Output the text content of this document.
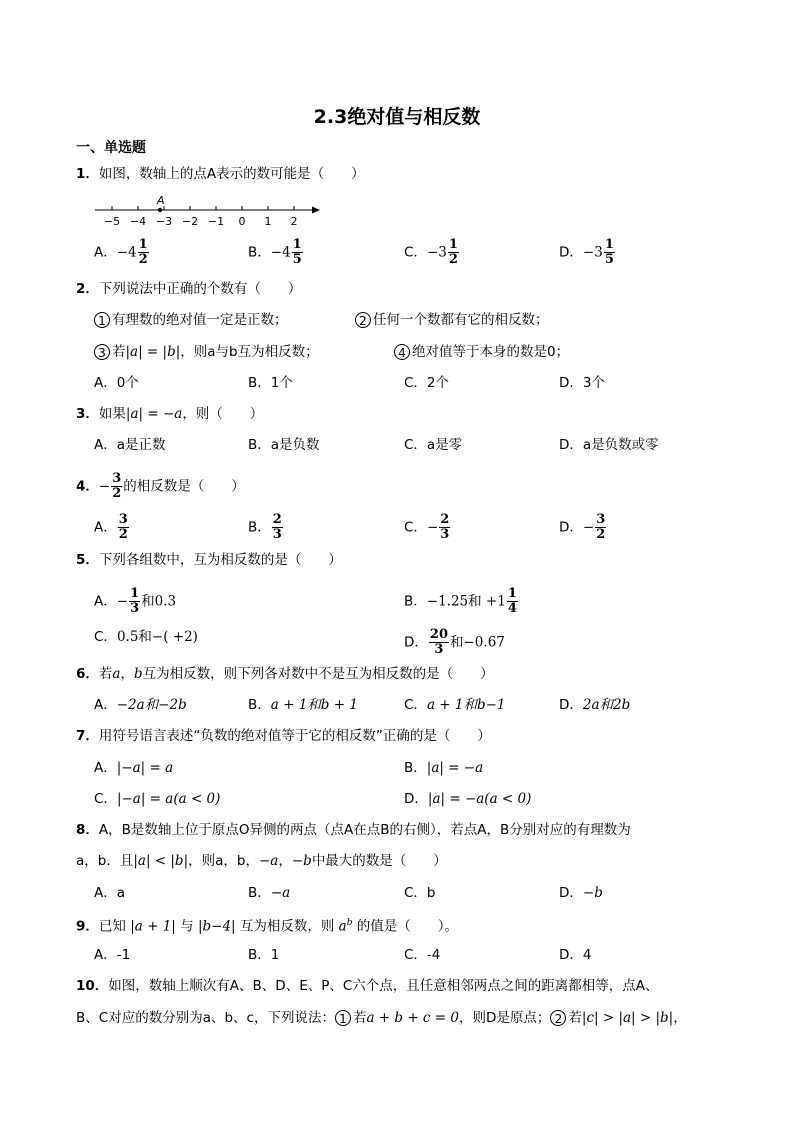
2.3绝对值与相反数
一、单选题
1．如图，数轴上的点A表示的数可能是（　　）
−5 −4 −3 −2 −1 0 1 2
A
A．$-4 \frac{1}{2}$	B．$-4 \frac{1}{5}$	C．$-3 \frac{1}{2}$	D．$-3 \frac{1}{5}$
2．下列说法中正确的个数有（　　）
1 有理数的绝对值一定是正数；	2 任何一个数都有它的相反数；
3 若|a| = |b|，则a与b互为相反数；	4 绝对值等于本身的数是0；
A．0个	B．1个	C．2个	D．3个
3．如果|a| = −a，则（　　）
A．a是正数	B．a是负数	C．a是零	D．a是负数或零
4．− $\frac{3}{2}$ 的相反数是（　　）
A． $\frac{3}{2}$	B． $\frac{2}{3}$	C．− $\frac{2}{3}$	D．− $\frac{3}{2}$
5．下列各组数中，互为相反数的是（　　）
A．− $\frac{1}{3}$ 和0.3	B．−1.25和 $+1 \frac{1}{4}$
C．0.5和−( +2)	D． $\frac{20}{3}$ 和−0.67
6．若a，b互为相反数，则下列各对数中不是互为相反数的是（　　）
A．−2a和−2b	B．a + 1和b + 1	C．a + 1和b−1	D．2a和2b
7．用符号语言表述“负数的绝对值等于它的相反数”正确的是（　　）
A．|−a| = a	B．|a| = −a
C．|−a| = a(a < 0)	D．|a| = −a(a < 0)
8．A，B是数轴上位于原点O异侧的两点（点A在点B的右侧），若点A，B分别对应的有理数为
a，b．且|a| < |b|，则a，b，−a，−b中最大的数是（　　）
A．a	B．−a	C．b	D．−b
9．已知 |a + 1| 与 |b−4| 互为相反数，则 $a^b$ 的值是（　　）。
A．-1	B．1	C．-4	D．4
10．如图，数轴上顺次有A、B、D、E、P、C六个点，且任意相邻两点之间的距离都相等，点A、
B、C对应的数分别为a、b、c，下列说法： 1 若a + b + c = 0，则D是原点； 2 若|c| > |a| > |b|，
